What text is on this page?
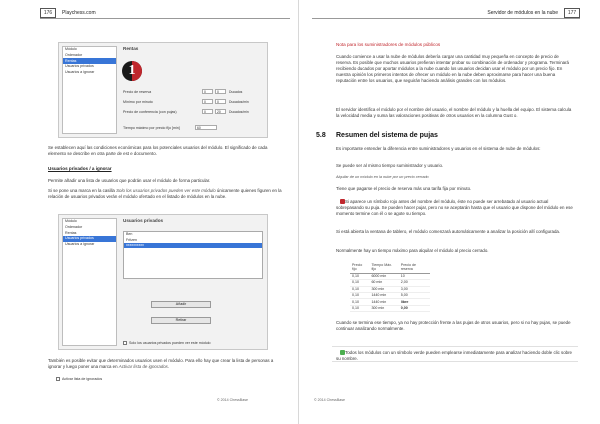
176	Playchess.com
Módulo
Ordenador
Rentas
Usuarios privados
Usuarios a ignorar
Rentas
1
Precio de reserva	0	0	Ducados
Mínimo por minuto	0	0	Ducados/min
Precio de conferencia (con pujas)	0	20	Ducados/min
Tiempo máximo por precio fijo [min]	60
Se establecen aquí las condiciones económicas para los potenciales usuarios del módulo. El significado de cada elemento se describe en otra parte de est e documento.
Usuarios privados / a ignorar
Permite añadir una lista de usuarios que podrán usar el módulo de forma particular.
Si se pone una marca en la casilla Solo los usuarios privados pueden ver este módulo únicamente quienes figuren en la relación de usuarios privados verán el módulo ofertado en el listado de módulos en la nube.
Módulo
Ordenador
Rentas
Usuarios privados
Usuarios a ignorar
Usuarios privados
Ben
Fritzen
xxxxxxxxxx
Añadir
Retirar
Solo los usuarios privados pueden ver este módulo
También es posible evitar que determinados usuarios usen el módulo. Para ello hay que crear la lista de personas a ignorar y luego poner una marca en Activar lista de ignorados.
Activar lista de ignorados
© 2014 ChessBase
Servidor de módulos en la nube	177
Nota para los suministradores de módulos públicos
Cuando comience a usar la nube de módulos debería cargar una cantidad muy pequeña en concepto de precio de reserva. Es posible que muchos usuarios prefieran intentar probar su combinación de ordenador y programa. Terminará recibiendo ducados por aportar módulos a la nube cuando los usuarios decidan usar el módulo por un precio fijo. En nuestra opinión los primeros intentos de ofrecer un módulo en la nube deben aproximarse para hacer una buena reputación entre los usuarios, que seguirán haciendo análisis grandes con los módulos.
El servidor identifica el módulo por el nombre del usuario, el nombre del módulo y la huella del equipo. El sistema calcula la velocidad media y suma las valoraciones positivas de otros usuarios en la columna Gust o.
5.8 Resumen del sistema de pujas
Es importante entender la diferencia entre suministradores y usuarios en el sistema de nube de módulos:
Se puede ser al mismo tiempo suministrador y usuario.
Alquilar de un módulo en la nube por un precio cerrado
Tiene que pagarse el precio de reserva más una tarifa fija por minuto.
Si aparece un símbolo rojo antes del nombre del módulo, éste no puede ser arrebatado al usuario actual sobrepasando su puja. Se pueden hacer pujar, pero no se aceptarán hasta que el usuario que dispone del módulo en ese momento termine con él o se agote su tiempo.
Si está abierta la ventana de tablero, el módulo comenzará automáticamente a analizar la posición allí configurada.
Normalmente hay un tiempo máximo para alquilar el módulo al precio cerrado.
Precio fijo	Tiempo Máx. fijo	Precio de reserva
0,10	6000 min	10
0,10	60 min	2,00
0,10	300 min	3,00
0,10	1440 min	5,00
0,10	1440 min	libre
0,10	300 min	0,00
Cuando se termina ese tiempo, ya no hay protección frente a las pujas de otros usuarios, pero si no hay pujas, se puede continuar analizando normalmente.
Todos los módulos con un símbolo verde pueden emplearse inmediatamente para analizar haciendo doble clic sobre su nombre.
© 2014 ChessBase
